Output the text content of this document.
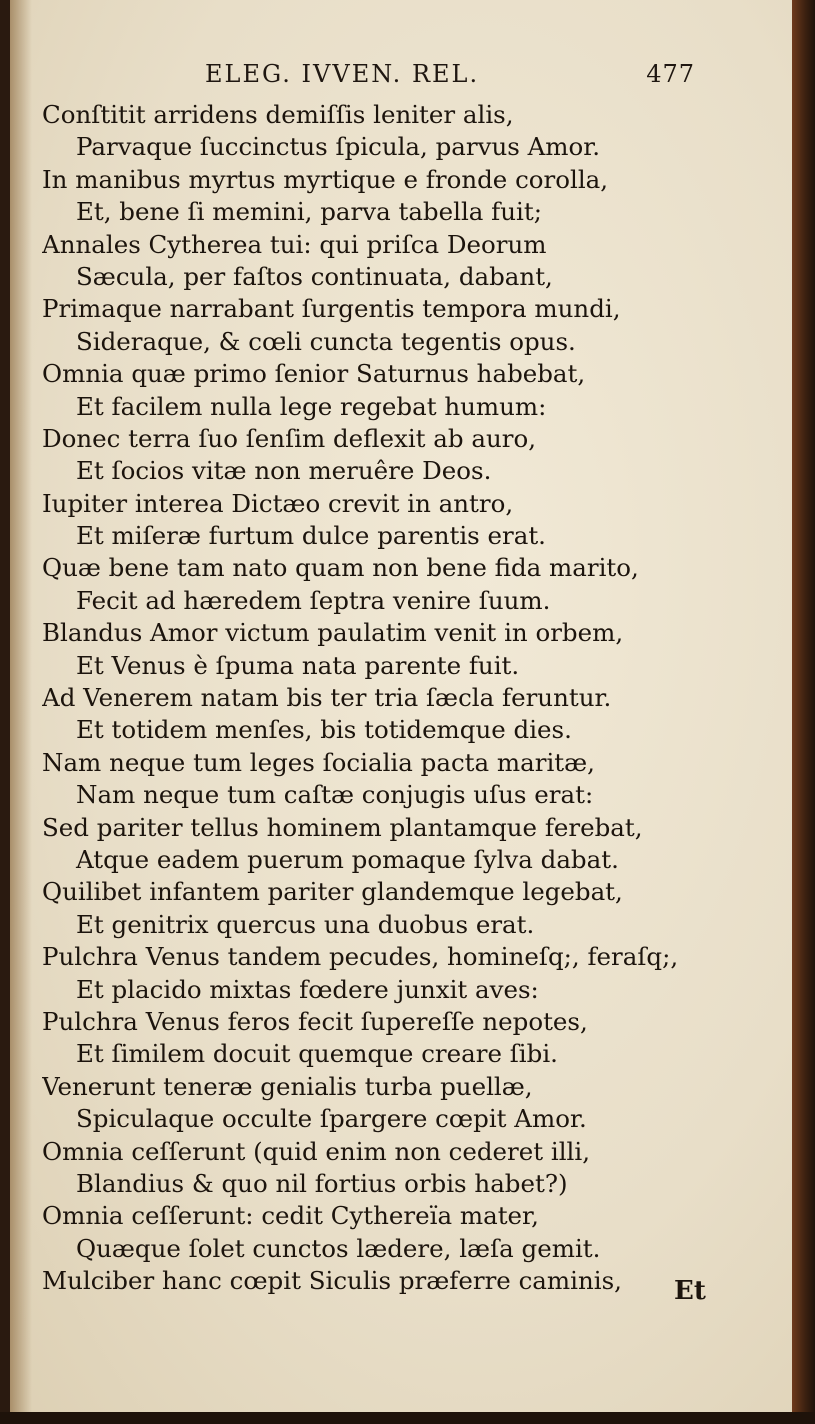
ELEG. IVVEN. REL.	477
Conſtitit arridens demiſſis leniter alis,
Parvaque ſuccinctus ſpicula, parvus Amor.
In manibus myrtus myrtique e fronde corolla,
Et, bene ſi memini, parva tabella fuit;
Annales Cytherea tui: qui priſca Deorum
Sæcula, per faſtos continuata, dabant,
Primaque narrabant ſurgentis tempora mundi,
Sideraque, & cœli cuncta tegentis opus.
Omnia quæ primo ſenior Saturnus habebat,
Et facilem nulla lege regebat humum:
Donec terra ſuo ſenſim deflexit ab auro,
Et ſocios vitæ non meruêre Deos.
Iupiter interea Dictæo crevit in antro,
Et miſeræ furtum dulce parentis erat.
Quæ bene tam nato quam non bene fida marito,
Fecit ad hæredem ſeptra venire ſuum.
Blandus Amor victum paulatim venit in orbem,
Et Venus è ſpuma nata parente fuit.
Ad Venerem natam bis ter tria ſæcla feruntur.
Et totidem menſes, bis totidemque dies.
Nam neque tum leges ſocialia pacta maritæ,
Nam neque tum caſtæ conjugis uſus erat:
Sed pariter tellus hominem plantamque ferebat,
Atque eadem puerum pomaque ſylva dabat.
Quilibet infantem pariter glandemque legebat,
Et genitrix quercus una duobus erat.
Pulchra Venus tandem pecudes, homineſq;, feraſq;,
Et placido mixtas fœdere junxit aves:
Pulchra Venus feros fecit ſupereſſe nepotes,
Et ſimilem docuit quemque creare ſibi.
Venerunt teneræ genialis turba puellæ,
Spiculaque occulte ſpargere cœpit Amor.
Omnia ceſſerunt (quid enim non cederet illi,
Blandius & quo nil fortius orbis habet?)
Omnia ceſſerunt: cedit Cythereïa mater,
Quæque ſolet cunctos lædere, læſa gemit.
Mulciber hanc cœpit Siculis præferre caminis,	Et
